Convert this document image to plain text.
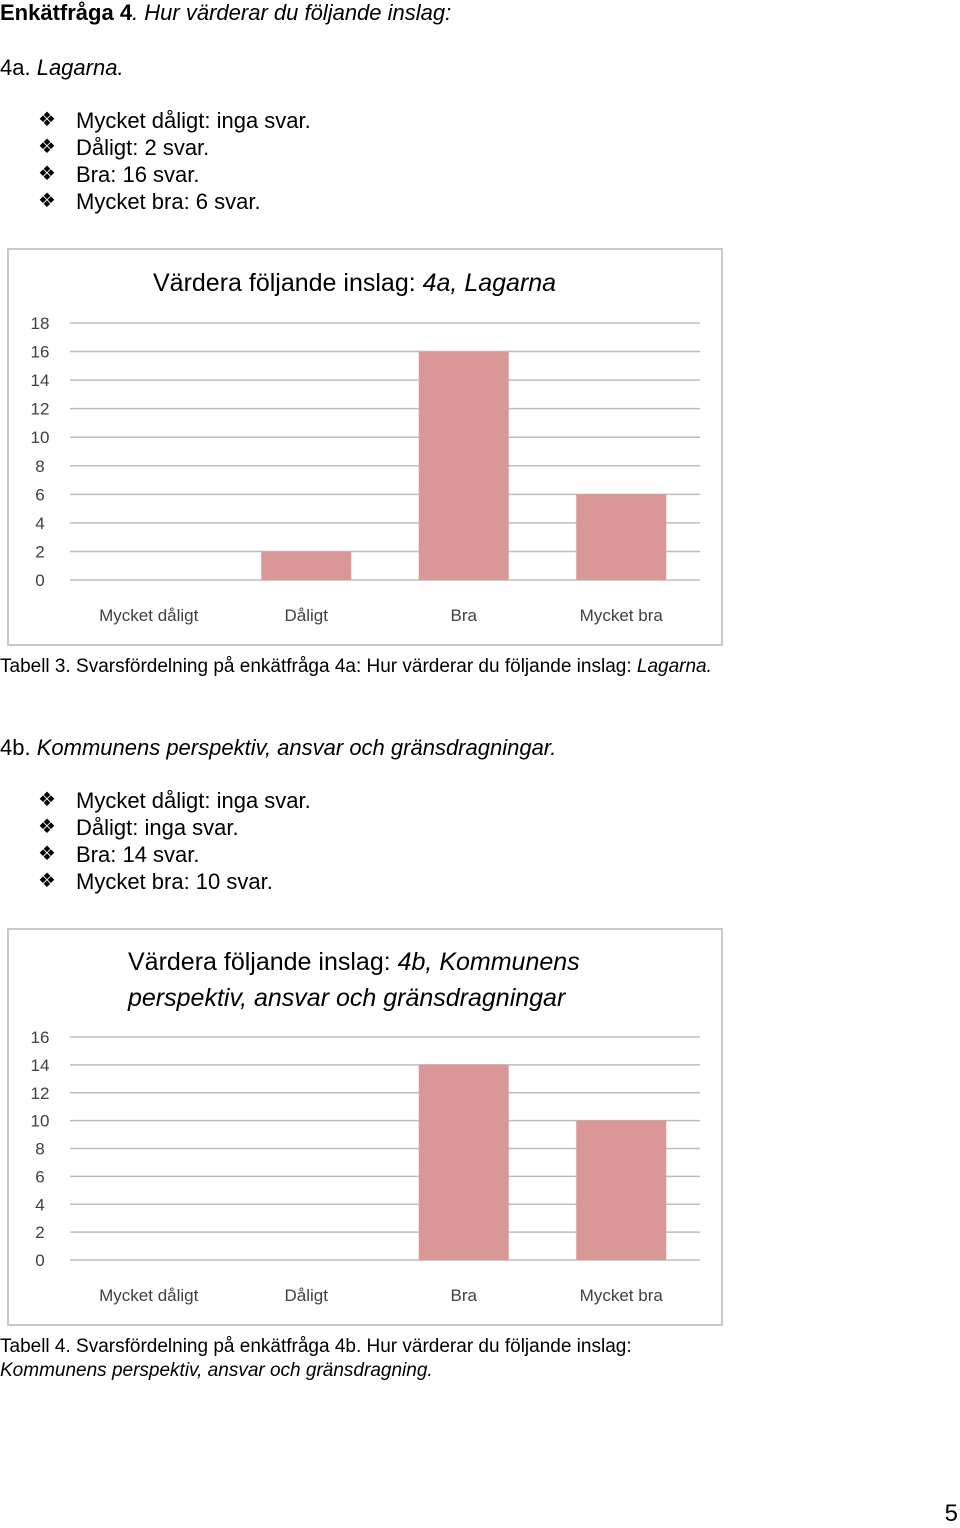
Enkätfråga 4. Hur värderar du följande inslag:
4a. Lagarna.
❖ Mycket dåligt: inga svar.
❖ Dåligt: 2 svar.
❖ Bra: 16 svar.
❖ Mycket bra: 6 svar.
Värdera följande inslag: 4a, Lagarna
0
2
4
6
8
10
12
14
16
18
Mycket dåligt	Dåligt	Bra	Mycket bra
Tabell 3. Svarsfördelning på enkätfråga 4a: Hur värderar du följande inslag: Lagarna.
4b. Kommunens perspektiv, ansvar och gränsdragningar.
❖ Mycket dåligt: inga svar.
❖ Dåligt: inga svar.
❖ Bra: 14 svar.
❖ Mycket bra: 10 svar.
Värdera följande inslag: 4b, Kommunens
perspektiv, ansvar och gränsdragningar
0
2
4
6
8
10
12
14
16
Mycket dåligt	Dåligt	Bra	Mycket bra
Tabell 4. Svarsfördelning på enkätfråga 4b. Hur värderar du följande inslag:
Kommunens perspektiv, ansvar och gränsdragning.
5
